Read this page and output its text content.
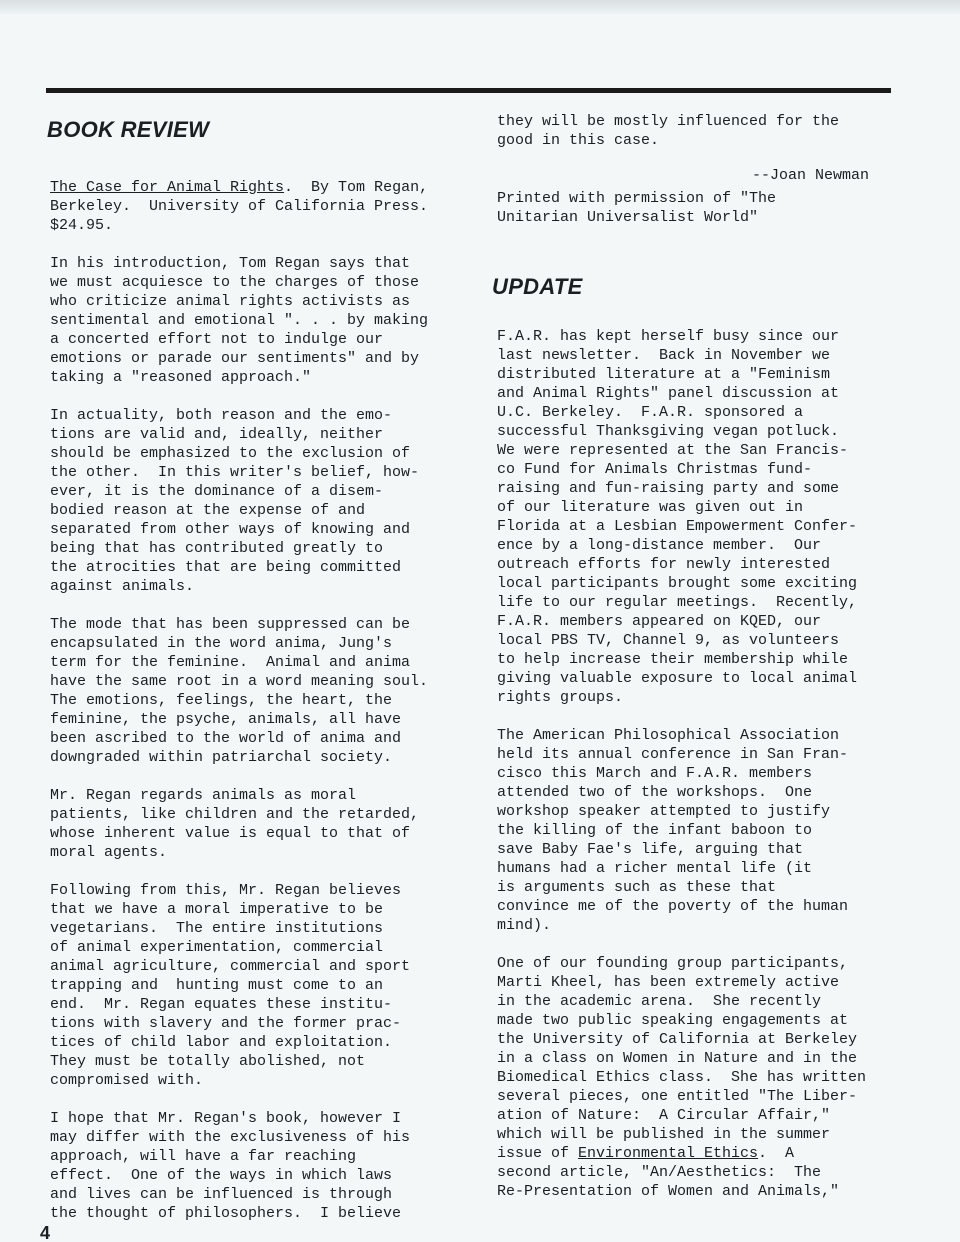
BOOK REVIEW

The Case for Animal Rights.  By Tom Regan,
Berkeley.  University of California Press.
$24.95.

In his introduction, Tom Regan says that
we must acquiesce to the charges of those
who criticize animal rights activists as
sentimental and emotional ". . . by making
a concerted effort not to indulge our
emotions or parade our sentiments" and by
taking a "reasoned approach."

In actuality, both reason and the emo-
tions are valid and, ideally, neither
should be emphasized to the exclusion of
the other.  In this writer's belief, how-
ever, it is the dominance of a disem-
bodied reason at the expense of and
separated from other ways of knowing and
being that has contributed greatly to
the atrocities that are being committed
against animals.

The mode that has been suppressed can be
encapsulated in the word anima, Jung's
term for the feminine.  Animal and anima
have the same root in a word meaning soul.
The emotions, feelings, the heart, the
feminine, the psyche, animals, all have
been ascribed to the world of anima and
downgraded within patriarchal society.

Mr. Regan regards animals as moral
patients, like children and the retarded,
whose inherent value is equal to that of
moral agents.

Following from this, Mr. Regan believes
that we have a moral imperative to be
vegetarians.  The entire institutions
of animal experimentation, commercial
animal agriculture, commercial and sport
trapping and  hunting must come to an
end.  Mr. Regan equates these institu-
tions with slavery and the former prac-
tices of child labor and exploitation.
They must be totally abolished, not
compromised with.

I hope that Mr. Regan's book, however I
may differ with the exclusiveness of his
approach, will have a far reaching
effect.  One of the ways in which laws
and lives can be influenced is through
the thought of philosophers.  I believe

they will be mostly influenced for the
good in this case.

--Joan Newman

Printed with permission of "The
Unitarian Universalist World"

UPDATE

F.A.R. has kept herself busy since our
last newsletter.  Back in November we
distributed literature at a "Feminism
and Animal Rights" panel discussion at
U.C. Berkeley.  F.A.R. sponsored a
successful Thanksgiving vegan potluck.
We were represented at the San Francis-
co Fund for Animals Christmas fund-
raising and fun-raising party and some
of our literature was given out in
Florida at a Lesbian Empowerment Confer-
ence by a long-distance member.  Our
outreach efforts for newly interested
local participants brought some exciting
life to our regular meetings.  Recently,
F.A.R. members appeared on KQED, our
local PBS TV, Channel 9, as volunteers
to help increase their membership while
giving valuable exposure to local animal
rights groups.

The American Philosophical Association
held its annual conference in San Fran-
cisco this March and F.A.R. members
attended two of the workshops.  One
workshop speaker attempted to justify
the killing of the infant baboon to
save Baby Fae's life, arguing that
humans had a richer mental life (it
is arguments such as these that
convince me of the poverty of the human
mind).

One of our founding group participants,
Marti Kheel, has been extremely active
in the academic arena.  She recently
made two public speaking engagements at
the University of California at Berkeley
in a class on Women in Nature and in the
Biomedical Ethics class.  She has written
several pieces, one entitled "The Liber-
ation of Nature:  A Circular Affair,"
which will be published in the summer
issue of Environmental Ethics.  A
second article, "An/Aesthetics:  The
Re-Presentation of Women and Animals,"

4
